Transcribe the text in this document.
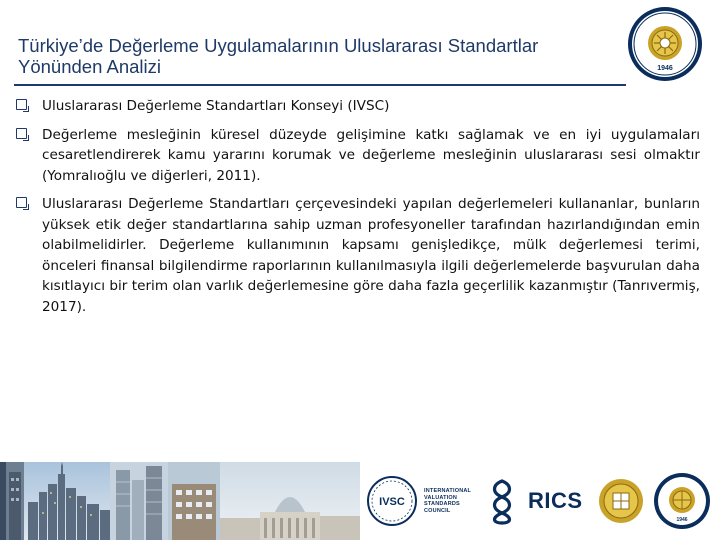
Türkiye’de Değerleme Uygulamalarının Uluslararası Standartlar
Yönünden Analizi	1946
Uluslararası Değerleme Standartları Konseyi (IVSC)
Değerleme mesleğinin küresel düzeyde gelişimine katkı sağlamak ve en iyi uygulamaları cesaretlendirerek kamu yararını korumak ve değerleme mesleğinin uluslararası sesi olmaktır (Yomralıoğlu ve diğerleri, 2011).
Uluslararası Değerleme Standartları çerçevesindeki yapılan değerlemeleri kullananlar, bunların yüksek etik değer standartlarına sahip uzman profesyoneller tarafından hazırlandığından emin olabilmelidirler. Değerleme kullanımının kapsamı genişledikçe, mülk değerlemesi terimi, önceleri finansal bilgilendirme raporlarının kullanılmasıyla ilgili değerlemelerde başvurulan daha kısıtlayıcı bir terim olan varlık değerlemesine göre daha fazla geçerlilik kazanmıştır (Tanrıvermiş, 2017).
IVSC
INTERNATIONAL
VALUATION
STANDARDS
COUNCIL	RICS
1946
